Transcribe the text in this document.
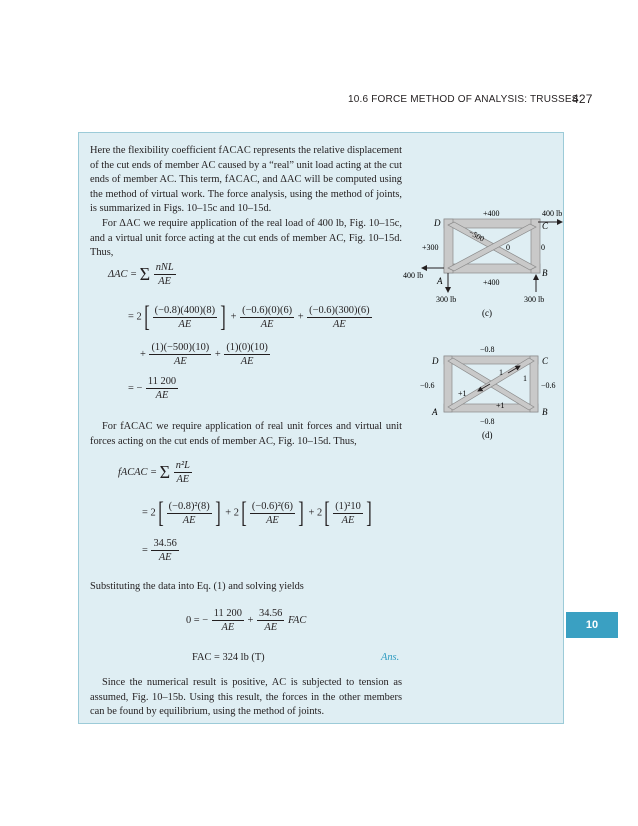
10.6 FORCE METHOD OF ANALYSIS: TRUSSES
427

Here the flexibility coefficient fACAC represents the relative displacement of the cut ends of member AC caused by a “real” unit load acting at the cut ends of member AC. This term, fACAC, and ΔAC will be computed using the method of virtual work. The force analysis, using the method of joints, is summarized in Figs. 10–15c and 10–15d.

For ΔAC we require application of the real load of 400 lb, Fig. 10–15c, and a virtual unit force acting at the cut ends of member AC, Fig. 10–15d. Thus,

ΔAC = Σ $\frac{\text{nNL}}{AE}$
= $2[ \frac{(-0.8)(400)(8)}{AE}$ ] + $\frac{(-0.6)(0)(6)}{AE} + \frac{(-0.6)(300)(6)}{AE}$
+ $\frac{(1)(-500)(10)}{AE} + \frac{(1)(0)(10)}{AE}$
= − $\frac{11 200}{AE}$
For fACAC we require application of real unit forces and virtual unit forces acting on the cut ends of member AC, Fig. 10–15d. Thus,
fACAC = Σ $\frac{\text{n²L}}{AE}$
= $2[ \frac{\text{(−0.8)²(8)}}{AE}$ ] + $2[ \frac{\text{(−0.6)²(6)}}{AE}$ ] + $2[ \frac{\text{(1)²10}}{AE}$ ]
= $\frac{34.56}{AE}$
Substituting the data into Eq. (1) and solving yields
0 = − $\frac{11 200}{AE} + \frac{34.56}{AE}$ FAC
FAC = 324 lb (T)	Ans.
Since the numerical result is positive, AC is subjected to tension as assumed, Fig. 10–15b. Using this result, the forces in the other members can be found by equilibrium, using the method of joints.
10
D	C
A
B
+400
−500
+300	0
0
+400
400 lb
400 lb
300 lb	300 lb
(c)
D	C
A	B
−0.8
−0.8
−0.6	−0.6
1
1
+1
+1
(d)
